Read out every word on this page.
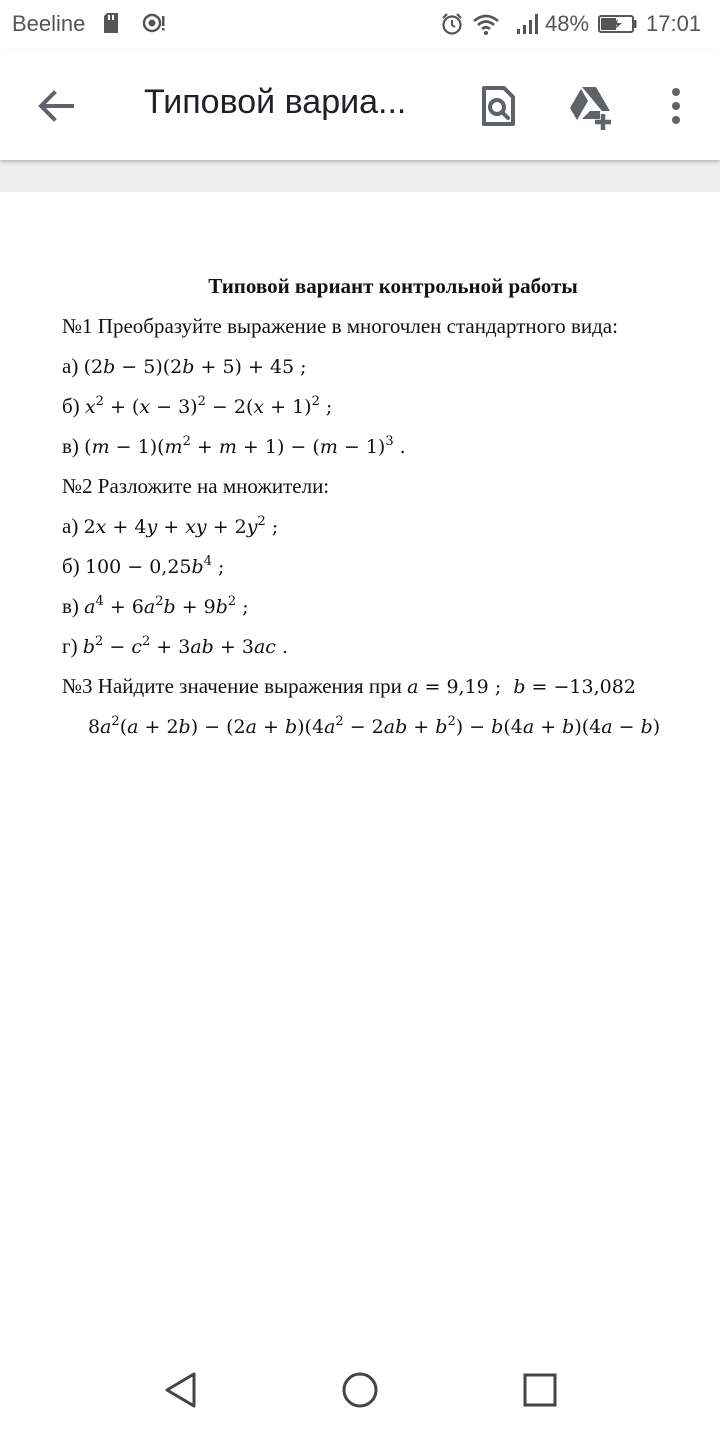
Beeline	48%	17:01
Типовой вариа...
Типовой вариант контрольной работы
№1 Преобразуйте выражение в многочлен стандартного вида:
а) (2b − 5)(2b + 5) + 45 ;
б) $x^2 + (x - 3)^2 - 2(x + 1)^2$ ;
в) $(m - 1)(m^2 + m + 1) - (m - 1)^3$ .
№2 Разложите на множители:
а) 2x + 4y + xy + $2y^2$ ;
б) $100 - 0,25b^4$ ;
в) $a^4 + 6a^2b + 9b^2$ ;
г) $b^2 - c^2 + 3ab + 3ac$ .
№3 Найдите значение выражения при a = 9,19 ;  b = −13,082
$8a^2(a + 2b) - (2a + b)(4a^2 - 2ab + b^2) - b(4a + b)(4a - b)$
